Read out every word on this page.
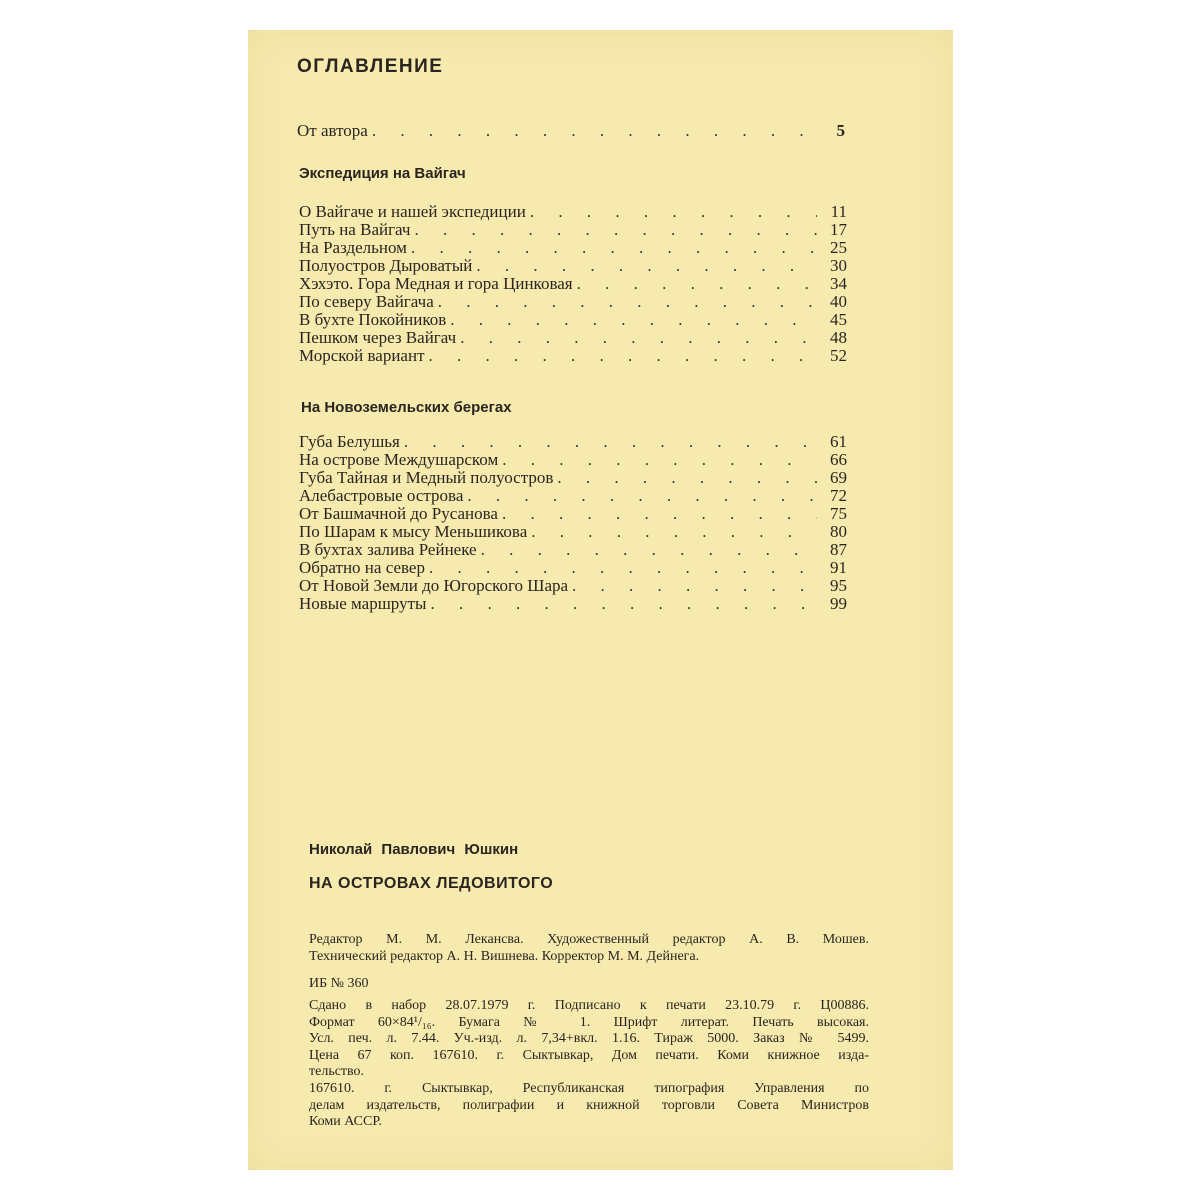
ОГЛАВЛЕНИЕ
От автора . . .	5
Экспедиция на Вайгач
О Вайгаче и нашей экспедиции . . .	11
Путь на Вайгач . . .	17
На Раздельном . . .	25
Полуостров Дыроватый . . .	30
Хэхэто. Гора Медная и гора Цинковая . . .	34
По северу Вайгача . . .	40
В бухте Покойников . . .	45
Пешком через Вайгач . . .	48
Морской вариант . . .	52
На Новоземельских берегах
Губа Белушья . . .	61
На острове Междушарском . . .	66
Губа Тайная и Медный полуостров . . .	69
Алебастровые острова . . .	72
От Башмачной до Русанова . . .	75
По Шарам к мысу Меньшикова . . .	80
В бухтах залива Рейнеке . . .	87
Обратно на север . . .	91
От Новой Земли до Югорского Шара . . .	95
Новые маршруты . . .	99
Николай Павлович Юшкин
НА ОСТРОВАХ ЛЕДОВИТОГО

Редактор М. М. Лекансва. Художественный редактор А. В. Мошев.
Технический редактор А. Н. Вишнева. Корректор М. М. Дейнега.

ИБ № 360

Сдано в набор 28.07.1979 г. Подписано к печати 23.10.79 г. Ц00886.
Формат 60×84¹/₁₆. Бумага № 1. Шрифт литерат. Печать высокая.
Усл. печ. л. 7.44. Уч.-изд. л. 7,34+вкл. 1.16. Тираж 5000. Заказ № 5499.
Цена 67 коп. 167610. г. Сыктывкар, Дом печати. Коми книжное изда-
тельство.

167610. г. Сыктывкар, Республиканская типография Управления по
делам издательств, полиграфии и книжной торговли Совета Министров
Коми АССР.
